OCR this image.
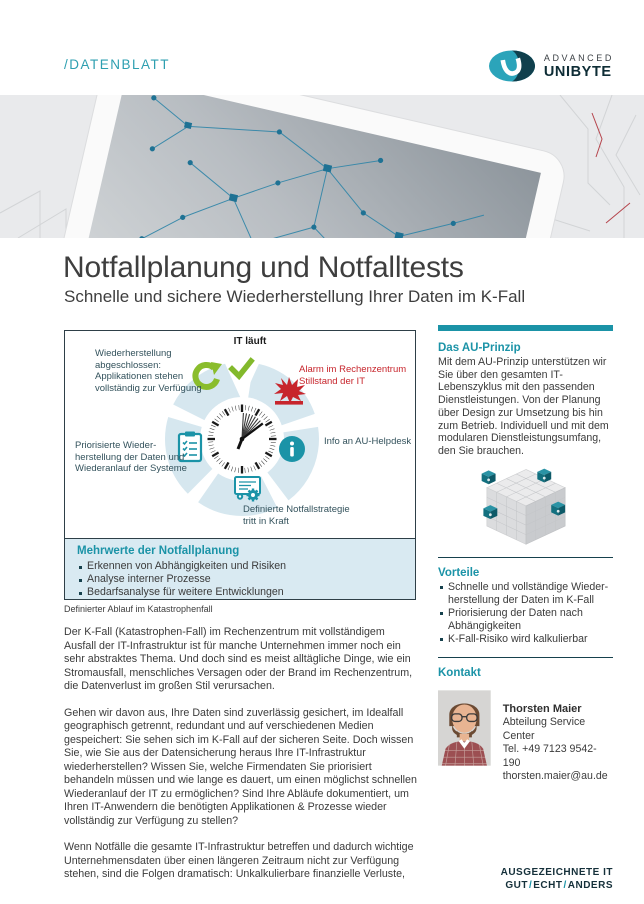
/DATENBLATT	ADVANCED
UNIBYTE
Notfallplanung und Notfalltests
Schnelle und sichere Wiederherstellung Ihrer Daten im K-Fall
IT läuft
Wiederherstellung abgeschlossen: Applikationen stehen vollständig zur Verfügung
Alarm im Rechenzentrum Stillstand der IT
Info an AU-Helpdesk
Definierte Notfallstrategie tritt in Kraft
Priorisierte Wieder-herstellung der Daten und Wiederanlauf der Systeme
Mehrwerte der Notfallplanung
Erkennen von Abhängigkeiten und Risiken
Analyse interner Prozesse
Bedarfsanalyse für weitere Entwicklungen
Definierter Ablauf im Katastrophenfall

Der K-Fall (Katastrophen-Fall) im Rechenzentrum mit vollständigem Ausfall der IT-Infrastruktur ist für manche Unternehmen immer noch ein sehr abstraktes Thema. Und doch sind es meist alltägliche Dinge, wie ein Stromausfall, menschliches Versagen oder der Brand im Rechenzentrum, die Datenverlust im großen Stil verursachen.

Gehen wir davon aus, Ihre Daten sind zuverlässig gesichert, im Idealfall geographisch getrennt, redundant und auf verschiedenen Medien gespeichert: Sie sehen sich im K-Fall auf der sicheren Seite. Doch wissen Sie, wie Sie aus der Datensicherung heraus Ihre IT-Infrastruktur wiederherstellen? Wissen Sie, welche Firmendaten Sie priorisiert behandeln müssen und wie lange es dauert, um einen möglichst schnellen Wiederanlauf der IT zu ermöglichen? Sind Ihre Abläufe dokumentiert, um Ihren IT-Anwendern die benötigten Applikationen & Prozesse wieder vollständig zur Verfügung zu stellen?

Wenn Notfälle die gesamte IT-Infrastruktur betreffen und dadurch wichtige Unternehmensdaten über einen längeren Zeitraum nicht zur Verfügung stehen, sind die Folgen dramatisch: Unkalkulierbare finanzielle Verluste,

Das AU-Prinzip
Mit dem AU-Prinzip unterstützen wir Sie über den gesamten IT-Lebenszyklus mit den passenden Dienstleistungen. Von der Planung über Design zur Umsetzung bis hin zum Betrieb. Individuell und mit dem modularen Dienstleistungsumfang, den Sie brauchen.
Vorteile
Schnelle und vollständige Wieder-herstellung der Daten im K-Fall
Priorisierung der Daten nach Abhängigkeiten
K-Fall-Risiko wird kalkulierbar
Kontakt
Thorsten Maier
Abteilung Service Center
Tel. +49 7123 9542-190
thorsten.maier@au.de
AUSGEZEICHNETE IT
GUT/ECHT/ANDERS
